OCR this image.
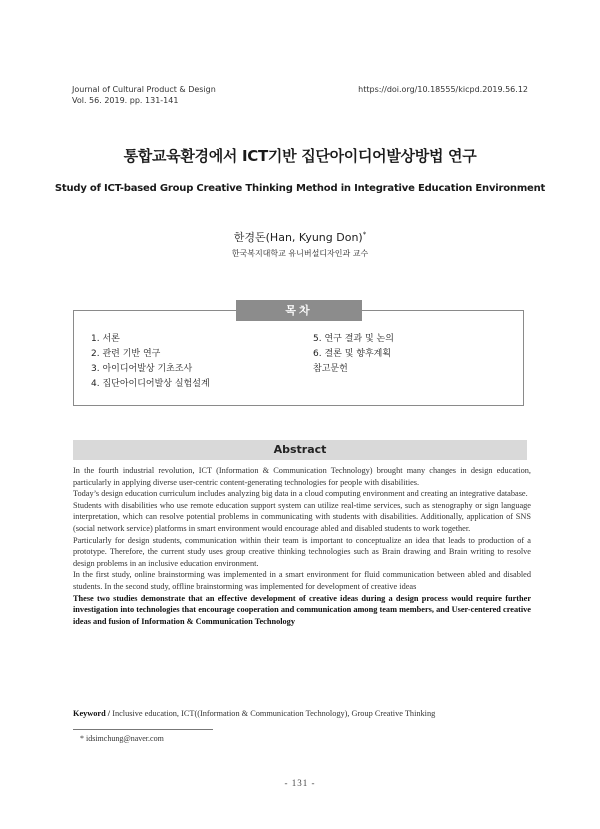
Journal of Cultural Product & Design
Vol. 56. 2019. pp. 131-141
https://doi.org/10.18555/kicpd.2019.56.12
통합교육환경에서 ICT기반 집단아이디어발상방법 연구
Study of ICT-based Group Creative Thinking Method in Integrative Education Environment
한경돈(Han, Kyung Don)*
한국복지대학교 유니버설디자인과 교수
목차
1. 서론
2. 관련 기반 연구
3. 아이디어발상 기초조사
4. 집단아이디어발상 실험설계
5. 연구 결과 및 논의
6. 결론 및 향후계획
참고문헌
Abstract

In the fourth industrial revolution, ICT (Information & Communication Technology) brought many changes in design education, particularly in applying diverse user-centric content-generating technologies for people with disabilities.

Today’s design education curriculum includes analyzing big data in a cloud computing environment and creating an integrative database.

Students with disabilities who use remote education support system can utilize real-time services, such as stenography or sign language interpretation, which can resolve potential problems in communicating with students with disabilities. Additionally, application of SNS (social network service) platforms in smart environment would encourage abled and disabled students to work together.

Particularly for design students, communication within their team is important to conceptualize an idea that leads to production of a prototype. Therefore, the current study uses group creative thinking technologies such as Brain drawing and Brain writing to resolve design problems in an inclusive education environment.

In the first study, online brainstorming was implemented in a smart environment for fluid communication between abled and disabled students. In the second study, offline brainstorming was implemented for development of creative ideas

These two studies demonstrate that an effective development of creative ideas during a design process would require further investigation into technologies that encourage cooperation and communication among team members, and User-centered creative ideas and fusion of Information & Communication Technology

Keyword / Inclusive education, ICT((Information & Communication Technology), Group Creative Thinking
* idsimchung@naver.com
- 131 -
